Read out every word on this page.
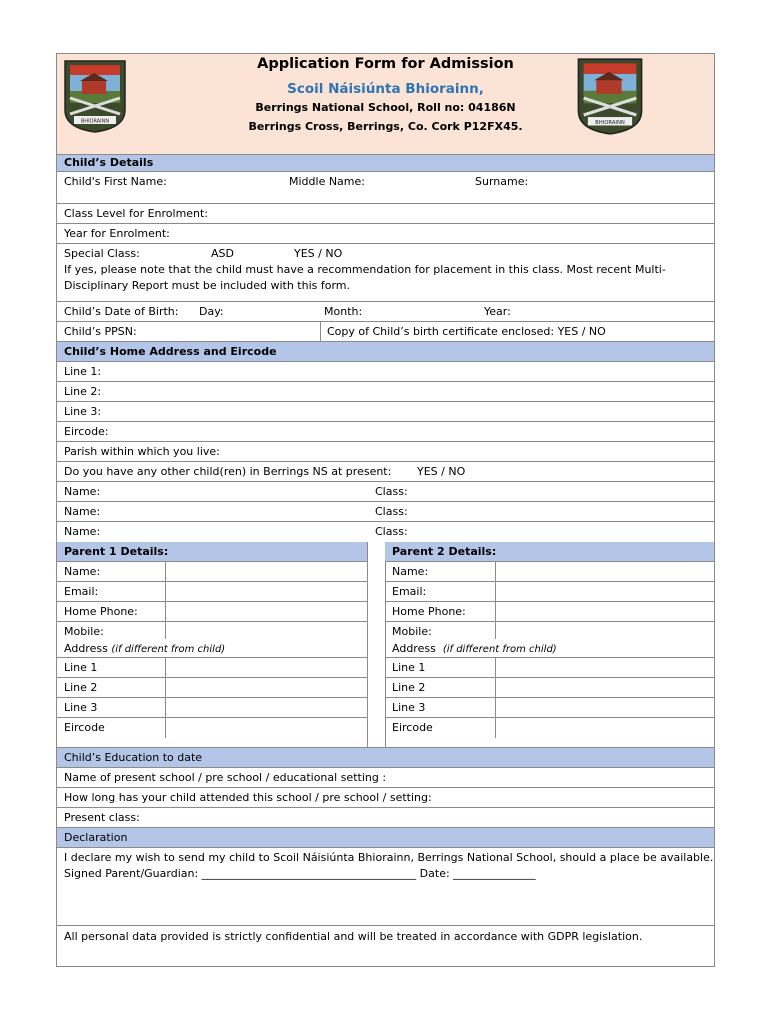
BHIORAINN	BHIORAINN
Application Form for Admission
Scoil Náisiúnta Bhiorainn,
Berrings National School, Roll no: 04186N
Berrings Cross, Berrings, Co. Cork P12FX45.
Child’s Details
Child's First Name:	Middle Name:	Surname:
Class Level for Enrolment:
Year for Enrolment:
Special Class:	ASD	YES / NO
If yes, please note that the child must have a recommendation for placement in this class. Most recent Multi-Disciplinary Report must be included with this form.
Child’s Date of Birth: Day:	Month:	Year:
Child’s PPSN:	Copy of Child’s birth certificate enclosed: YES / NO
Child’s Home Address and Eircode
Line 1:
Line 2:
Line 3:
Eircode:
Parish within which you live:
Do you have any other child(ren) in Berrings NS at present: YES / NO
Name:	Class:
Name:	Class:
Name:	Class:
Parent 1 Details:
Name:
Email:
Home Phone:
Mobile:
Address (if different from child)
Line 1
Line 2
Line 3
Eircode
Parent 2 Details:
Name:
Email:
Home Phone:
Mobile:
Address (if different from child)
Line 1
Line 2
Line 3
Eircode
Child’s Education to date
Name of present school / pre school / educational setting :
How long has your child attended this school / pre school / setting:
Present class:
Declaration
I declare my wish to send my child to Scoil Náisiúnta Bhiorainn, Berrings National School, should a place be available.
Signed Parent/Guardian: _______________________________________ Date: _______________
All personal data provided is strictly confidential and will be treated in accordance with GDPR legislation.
